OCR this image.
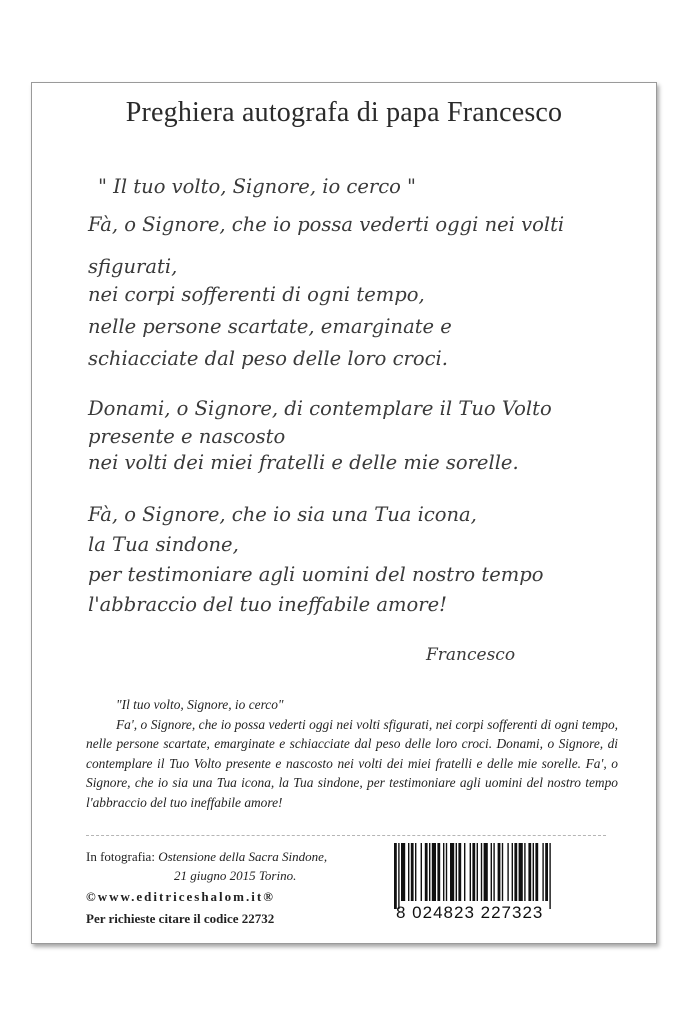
Preghiera autografa di papa Francesco
" Il tuo volto, Signore, io cerco "
Fà, o Signore, che io possa vederti oggi nei volti
sfigurati,
nei corpi sofferenti di ogni tempo,
nelle persone scartate, emarginate e
schiacciate dal peso delle loro croci.
Donami, o Signore, di contemplare il Tuo Volto
presente e nascosto
nei volti dei miei fratelli e delle mie sorelle.
Fà, o Signore, che io sia una Tua icona,
la Tua sindone,
per testimoniare agli uomini del nostro tempo
l'abbraccio del tuo ineffabile amore!
Francesco

"Il tuo volto, Signore, io cerco"

Fa', o Signore, che io possa vederti oggi nei volti sfigurati, nei corpi sofferenti di ogni tempo, nelle persone scartate, emarginate e schiacciate dal peso delle loro croci. Donami, o Signore, di contemplare il Tuo Volto presente e nascosto nei volti dei miei fratelli e delle mie sorelle. Fa', o Signore, che io sia una Tua icona, la Tua sindone, per testimoniare agli uomini del nostro tempo l'abbraccio del tuo ineffabile amore!

In fotografia: Ostensione della Sacra Sindone,
21 giugno 2015 Torino.
©www.editriceshalom.it®
Per richieste citare il codice 22732	8 024823 227323
